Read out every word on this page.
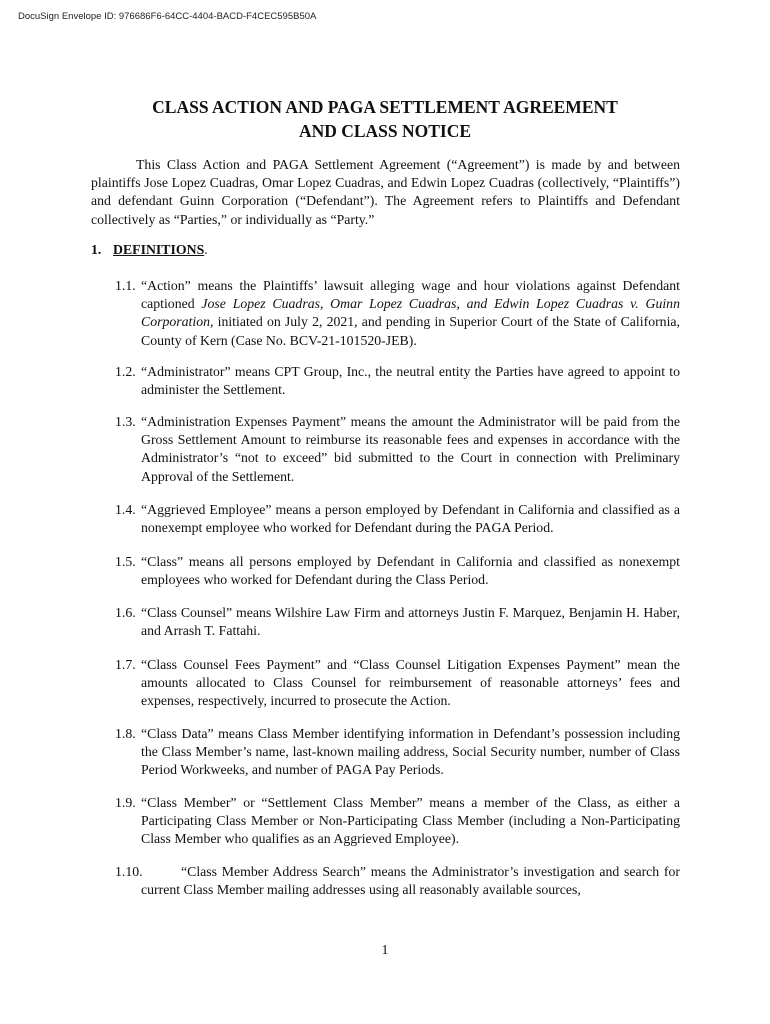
DocuSign Envelope ID: 976686F6-64CC-4404-BACD-F4CEC595B50A
CLASS ACTION AND PAGA SETTLEMENT AGREEMENT
AND CLASS NOTICE
This Class Action and PAGA Settlement Agreement (“Agreement”) is made by and between plaintiffs Jose Lopez Cuadras, Omar Lopez Cuadras, and Edwin Lopez Cuadras (collectively, “Plaintiffs”) and defendant Guinn Corporation (“Defendant”). The Agreement refers to Plaintiffs and Defendant collectively as “Parties,” or individually as “Party.”
1. DEFINITIONS.
1.1. “Action” means the Plaintiffs’ lawsuit alleging wage and hour violations against Defendant captioned Jose Lopez Cuadras, Omar Lopez Cuadras, and Edwin Lopez Cuadras v. Guinn Corporation, initiated on July 2, 2021, and pending in Superior Court of the State of California, County of Kern (Case No. BCV-21-101520-JEB).
1.2. “Administrator” means CPT Group, Inc., the neutral entity the Parties have agreed to appoint to administer the Settlement.
1.3. “Administration Expenses Payment” means the amount the Administrator will be paid from the Gross Settlement Amount to reimburse its reasonable fees and expenses in accordance with the Administrator’s “not to exceed” bid submitted to the Court in connection with Preliminary Approval of the Settlement.
1.4. “Aggrieved Employee” means a person employed by Defendant in California and classified as a nonexempt employee who worked for Defendant during the PAGA Period.
1.5. “Class” means all persons employed by Defendant in California and classified as nonexempt employees who worked for Defendant during the Class Period.
1.6. “Class Counsel” means Wilshire Law Firm and attorneys Justin F. Marquez, Benjamin H. Haber, and Arrash T. Fattahi.
1.7. “Class Counsel Fees Payment” and “Class Counsel Litigation Expenses Payment” mean the amounts allocated to Class Counsel for reimbursement of reasonable attorneys’ fees and expenses, respectively, incurred to prosecute the Action.
1.8. “Class Data” means Class Member identifying information in Defendant’s possession including the Class Member’s name, last-known mailing address, Social Security number, number of Class Period Workweeks, and number of PAGA Pay Periods.
1.9. “Class Member” or “Settlement Class Member” means a member of the Class, as either a Participating Class Member or Non-Participating Class Member (including a Non-Participating Class Member who qualifies as an Aggrieved Employee).
1.10.	“Class Member Address Search” means the Administrator’s investigation and search for current Class Member mailing addresses using all reasonably available sources,
1
